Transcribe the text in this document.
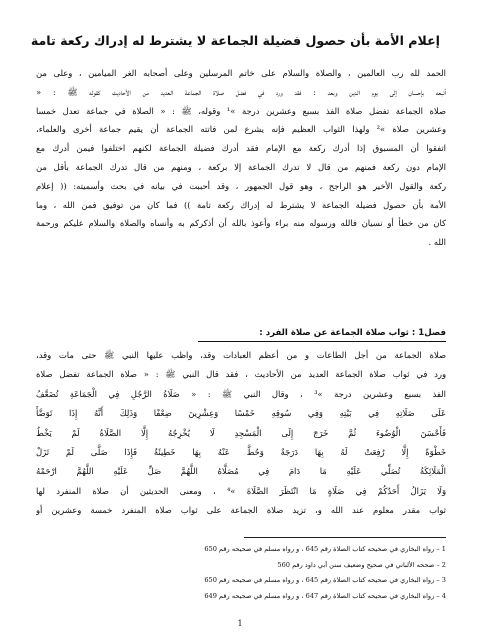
إعلام الأمة بأن حصول فضيلة الجماعة لا يشترط له إدراك ركعة تامة
الحمد لله رب العالمين ، والصلاة والسلام على خاتم المرسلين وعلى أصحابه الغر الميامين ، وعلى من
أتبعه بإحسان إلى يوم الدين وبعد : فقد ورد في فضل صلاة الجماعة العديد من الأحاديث كقوله ﷺ : «
صلاة الجماعة تفضل صلاة الفذ بسبع وعشرين درجة »¹ وقوله، ﷺ : « الصلاة في جماعة تعدل خمسا
وعشرين صلاة »² ولهذا الثواب العظيم فإنه يشرع لمن فاتته الجماعة أن يقيم جماعة أخرى والعلماء،
اتفقوا أن المسبوق إذا أدرك ركعة مع الإمام فقد أدرك فضيلة الجماعة لكنهم اختلفوا فيمن أدرك مع
الإمام دون ركعة فمنهم من قال لا تدرك الجماعة إلا بركعة ، ومنهم من قال تدرك الجماعة بأقل من
ركعة والقول الأخير هو الراجح ، وهو قول الجمهور ، وقد أحببت في بيانه في بحث وأسميته: (( إعلام
الأمة بأن حصول فضيلة الجماعة لا يشترط له إدراك ركعة تامة )) فما كان من توفيق فمن الله ، وما
كان من خطأ أو نسيان فالله ورسوله منه براء وأعوذ بالله أن أذكركم به وأنساه والصلاة والسلام عليكم ورحمة
الله .
فصل1 : ثواب صلاة الجماعة عن صلاة الفرد :
صلاة الجماعة من أجل الطاعات و من أعظم العبادات وقد، واظب عليها النبي ﷺ حتى مات وقد،
ورد في ثواب صلاة الجماعة العديد من الأحاديث ، فقد قال النبي ﷺ : « صلاة الجماعة تفضل صلاة
الفذ بسبع وعشرين درجة »³ ، وقال النبي ﷺ : « صَلَاةُ الرَّجُلِ فِي الْجَمَاعَةِ تُضَعَّفُ
عَلَى صَلَاتِهِ فِي بَيْتِهِ وَفِي سُوقِهِ خَمْسًا وَعِشْرِينَ ضِعْفًا وَذَلِكَ أَنَّهُ إِذَا تَوَضَّأَ
فَأَحْسَنَ الْوُضُوءَ ثُمَّ خَرَجَ إِلَى الْمَسْجِدِ لَا يُخْرِجُهُ إِلَّا الصَّلَاةُ لَمْ يَخْطُ
خَطْوَةً إِلَّا رُفِعَتْ لَهُ بِهَا دَرَجَةٌ وَحُطَّ عَنْهُ بِهَا خَطِيئَةٌ فَإِذَا صَلَّى لَمْ تَزَلْ
الْمَلَائِكَةُ تُصَلِّي عَلَيْهِ مَا دَامَ فِي مُصَلَّاهُ اللَّهُمَّ صَلِّ عَلَيْهِ اللَّهُمَّ ارْحَمْهُ
وَلَا يَزَالُ أَحَدُكُمْ فِي صَلَاةٍ مَا انْتَظَرَ الصَّلَاةَ »⁴ ، ومعنى الحديثين أن صلاة المنفرد لها
ثواب مقدر معلوم عند الله و، تزيد صلاة الجماعة على ثواب صلاة المنفرد خمسة وعشرين أو
1 – رواه البخاري في صحيحه كتاب الصلاة رقم 645 ، و رواه مسلم في صحيحه رقم 650
2 – صححه الألباني في صحيح وضعيف سنن أبي داود رقم 560
3 – رواه البخاري في صحيحه كتاب الصلاة رقم 645 ، و رواه مسلم في صحيحه رقم 650
4 – رواه البخاري في صحيحه كتاب الصلاة رقم 647 ، و رواه مسلم في صحيحه رقم 649
1
